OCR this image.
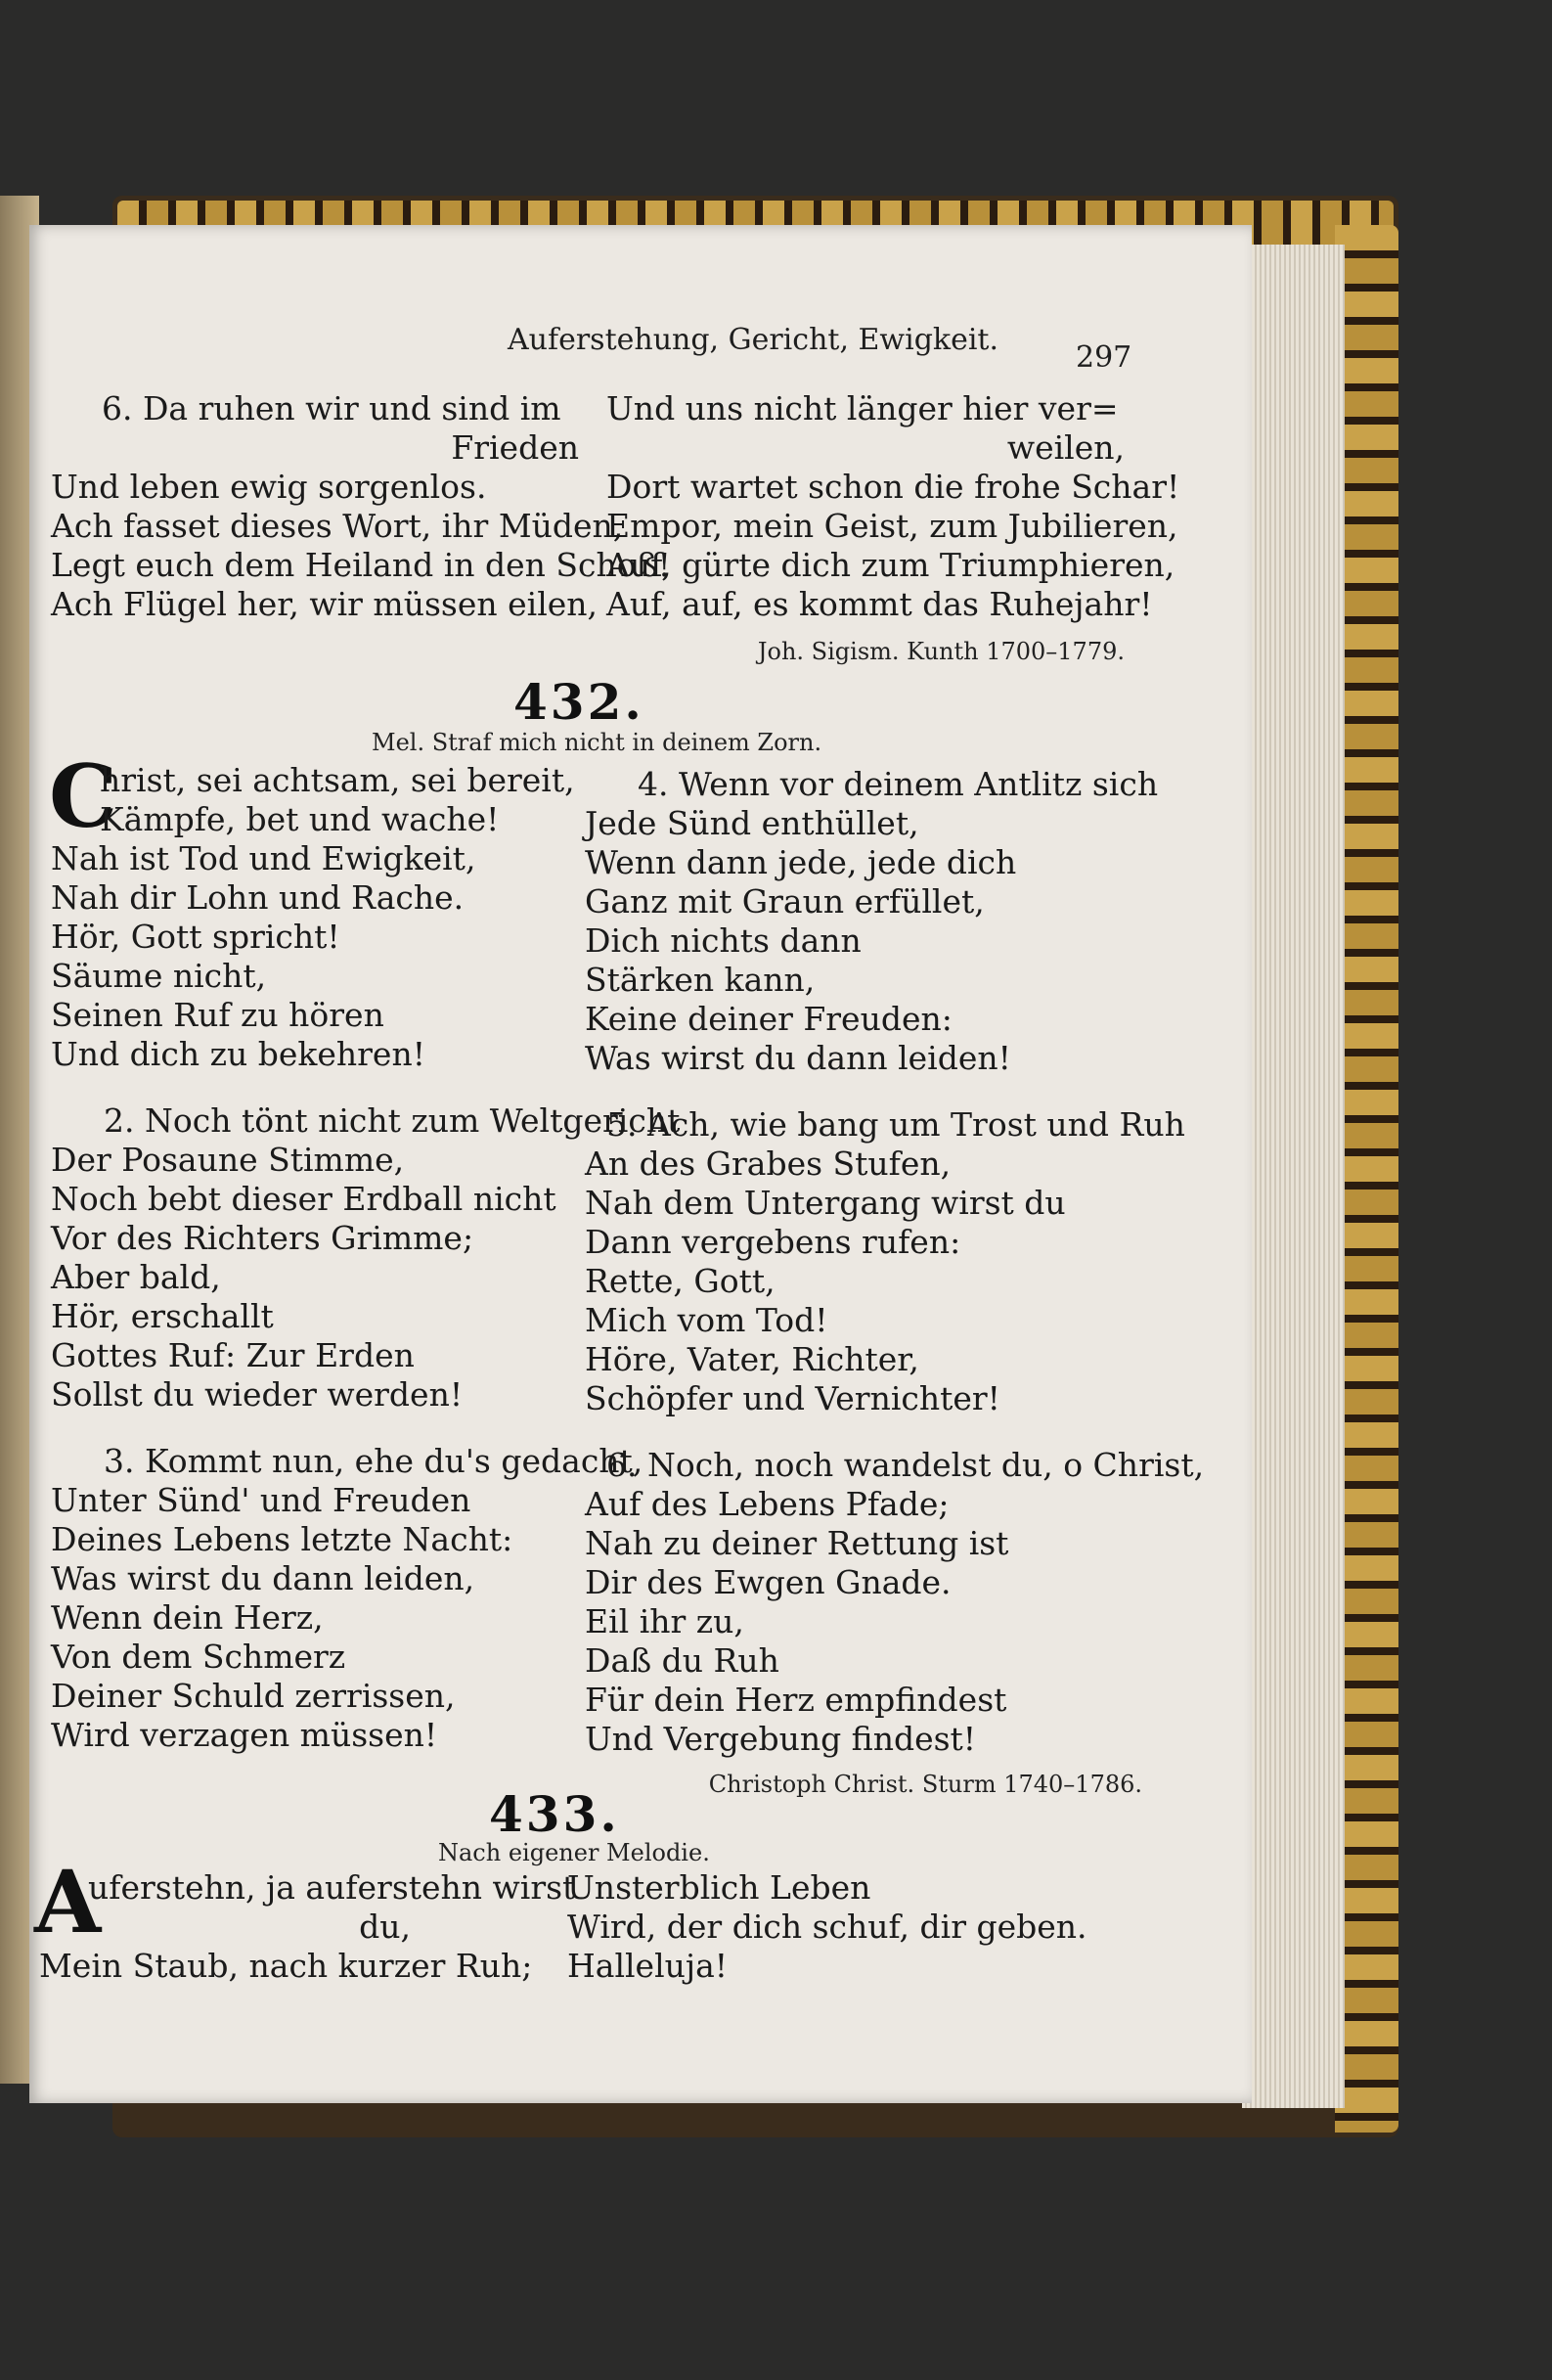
Auferstehung, Gericht, Ewigkeit.
297
6. Da ruhen wir und sind im
Frieden
Und leben ewig sorgenlos.
Ach fasset dieses Wort, ihr Müden,
Legt euch dem Heiland in den Schoß!
Ach Flügel her, wir müssen eilen,
Und uns nicht länger hier ver=
weilen,
Dort wartet schon die frohe Schar!
Empor, mein Geist, zum Jubilieren,
Auf, gürte dich zum Triumphieren,
Auf, auf, es kommt das Ruhejahr!
Joh. Sigism. Kunth 1700–1779.
432.
Mel. Straf mich nicht in deinem Zorn.
C
hrist, sei achtsam, sei bereit,
Kämpfe, bet und wache!
Nah ist Tod und Ewigkeit,
Nah dir Lohn und Rache.
Hör, Gott spricht!
Säume nicht,
Seinen Ruf zu hören
Und dich zu bekehren!
2. Noch tönt nicht zum Weltgericht
Der Posaune Stimme,
Noch bebt dieser Erdball nicht
Vor des Richters Grimme;
Aber bald,
Hör, erschallt
Gottes Ruf: Zur Erden
Sollst du wieder werden!
3. Kommt nun, ehe du's gedacht,
Unter Sünd' und Freuden
Deines Lebens letzte Nacht:
Was wirst du dann leiden,
Wenn dein Herz,
Von dem Schmerz
Deiner Schuld zerrissen,
Wird verzagen müssen!
4. Wenn vor deinem Antlitz sich
Jede Sünd enthüllet,
Wenn dann jede, jede dich
Ganz mit Graun erfüllet,
Dich nichts dann
Stärken kann,
Keine deiner Freuden:
Was wirst du dann leiden!
5. Ach, wie bang um Trost und Ruh
An des Grabes Stufen,
Nah dem Untergang wirst du
Dann vergebens rufen:
Rette, Gott,
Mich vom Tod!
Höre, Vater, Richter,
Schöpfer und Vernichter!
6. Noch, noch wandelst du, o Christ,
Auf des Lebens Pfade;
Nah zu deiner Rettung ist
Dir des Ewgen Gnade.
Eil ihr zu,
Daß du Ruh
Für dein Herz empfindest
Und Vergebung findest!
Christoph Christ. Sturm 1740–1786.
433.
Nach eigener Melodie.
A
uferstehn, ja auferstehn wirst
du,
Mein Staub, nach kurzer Ruh;
Unsterblich Leben
Wird, der dich schuf, dir geben.
Halleluja!
